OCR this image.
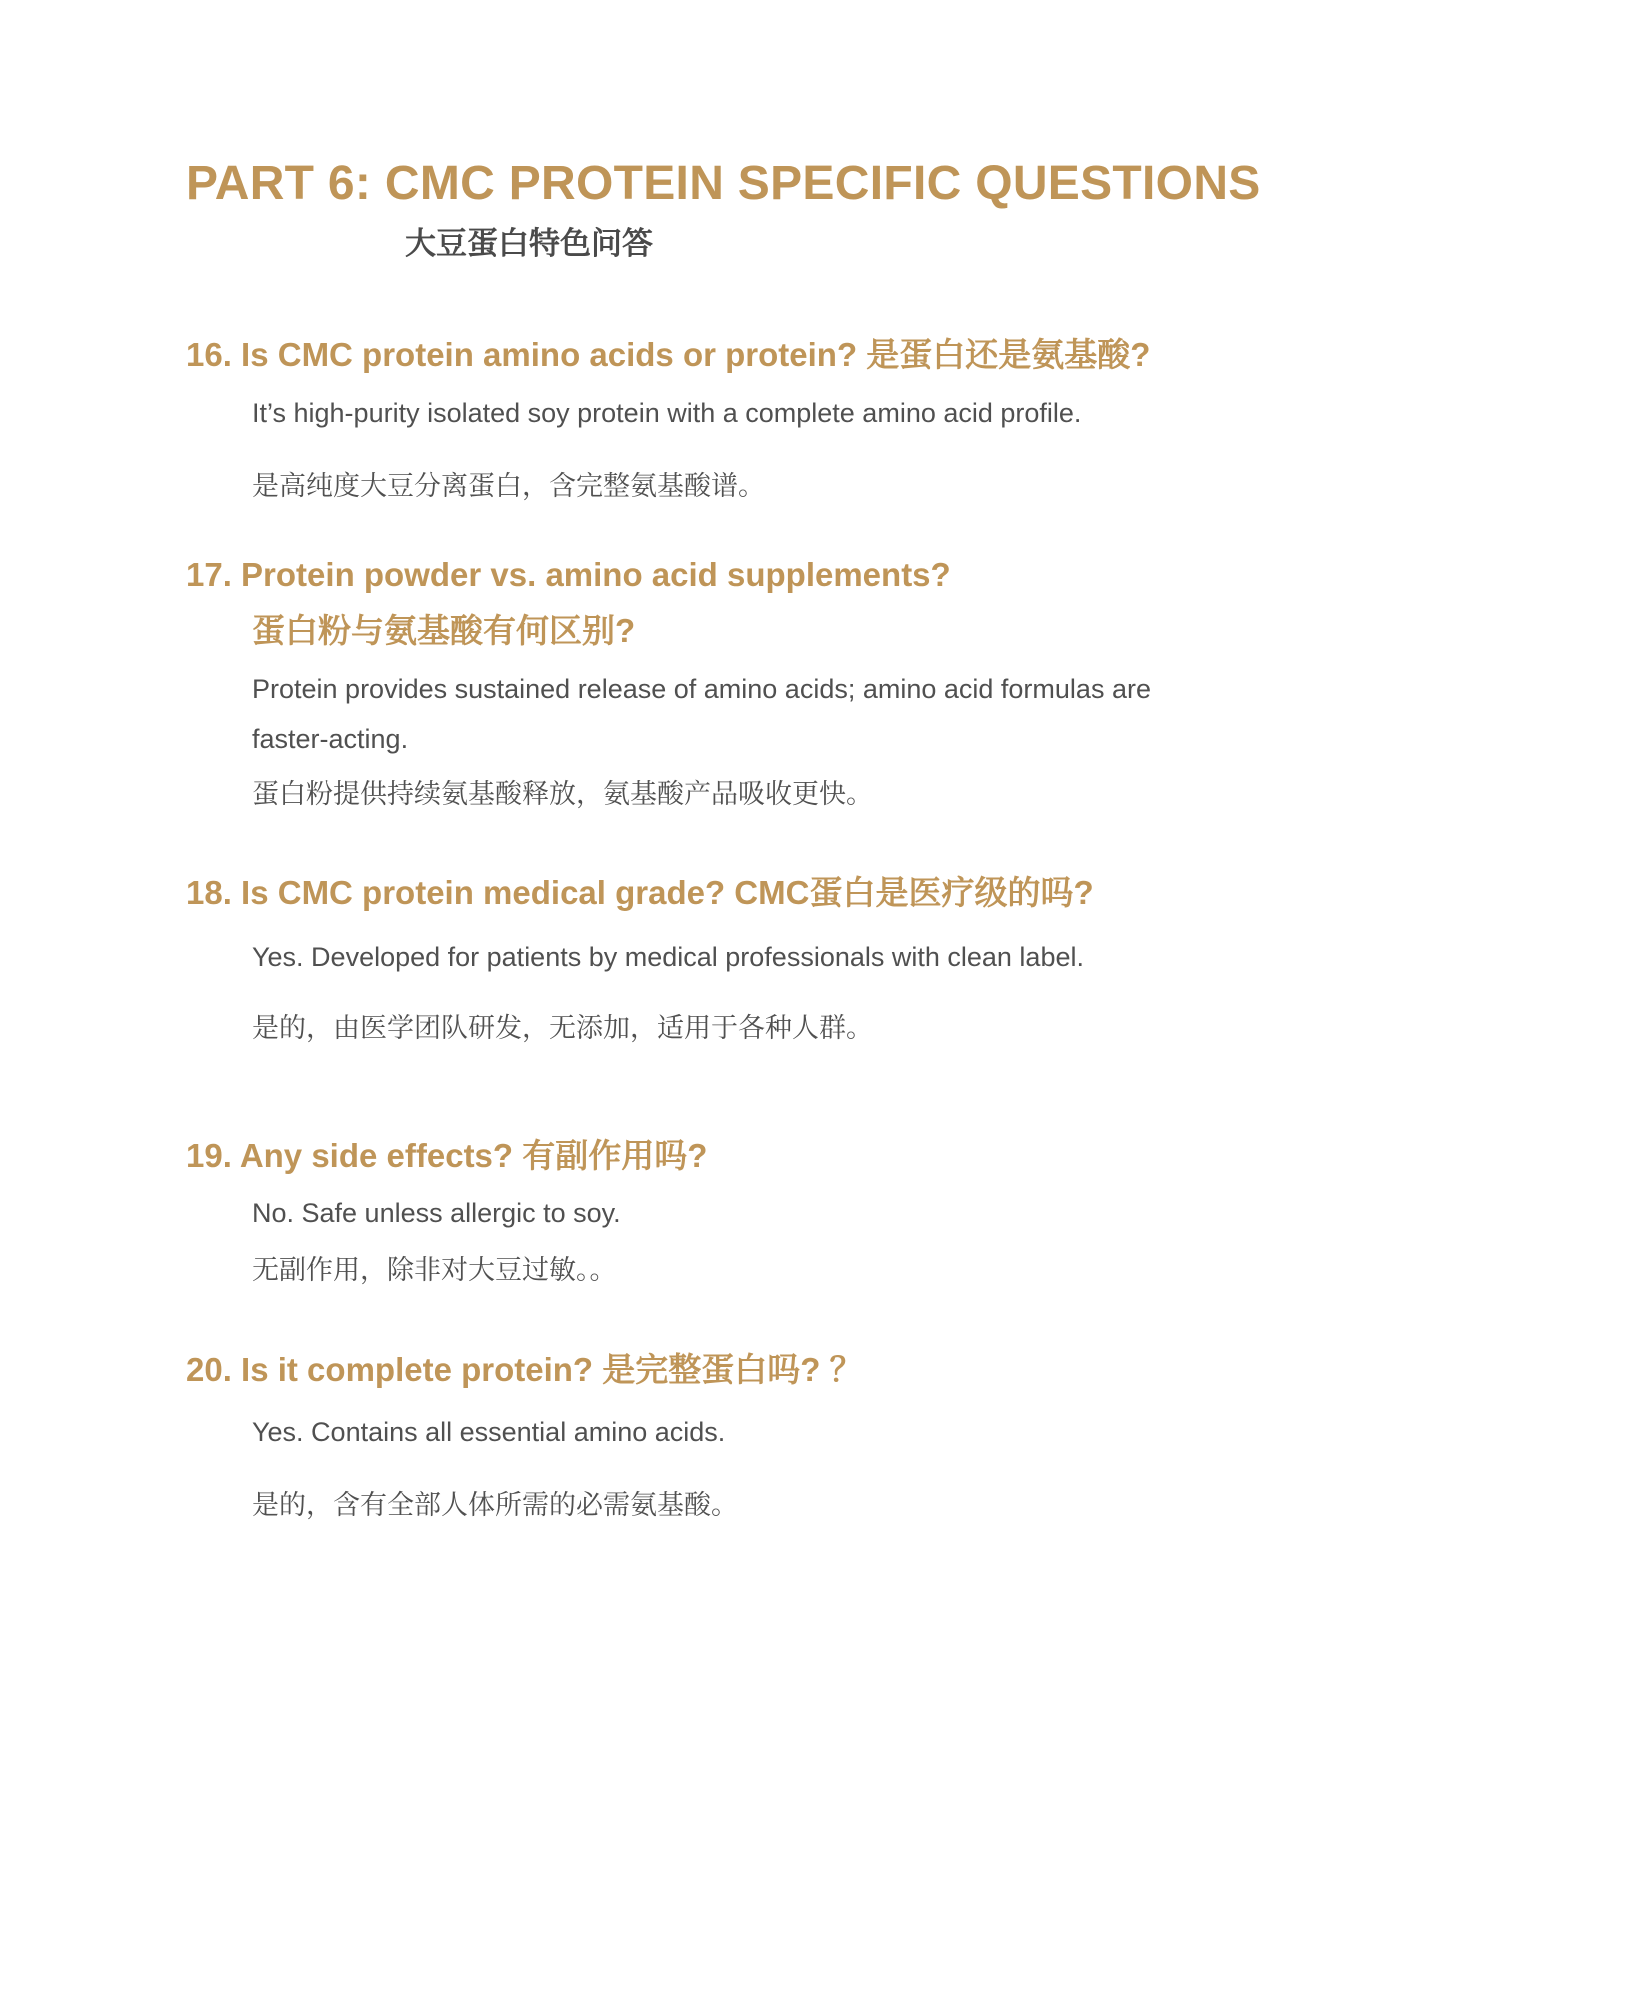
PART 6: CMC PROTEIN SPECIFIC QUESTIONS
大豆蛋白特色问答
16. Is CMC protein amino acids or protein? 是蛋白还是氨基酸?
It’s high-purity isolated soy protein with a complete amino acid profile.
是高纯度大豆分离蛋白，含完整氨基酸谱。
17. Protein powder vs. amino acid supplements?
蛋白粉与氨基酸有何区别?
Protein provides sustained release of amino acids; amino acid formulas are
faster-acting.
蛋白粉提供持续氨基酸释放，氨基酸产品吸收更快。
18. Is CMC protein medical grade? CMC蛋白是医疗级的吗?
Yes. Developed for patients by medical professionals with clean label.
是的，由医学团队研发，无添加，适用于各种人群。
19. Any side effects? 有副作用吗?
No. Safe unless allergic to soy.
无副作用，除非对大豆过敏。。
20. Is it complete protein? 是完整蛋白吗? ？
Yes. Contains all essential amino acids.
是的，含有全部人体所需的必需氨基酸。
